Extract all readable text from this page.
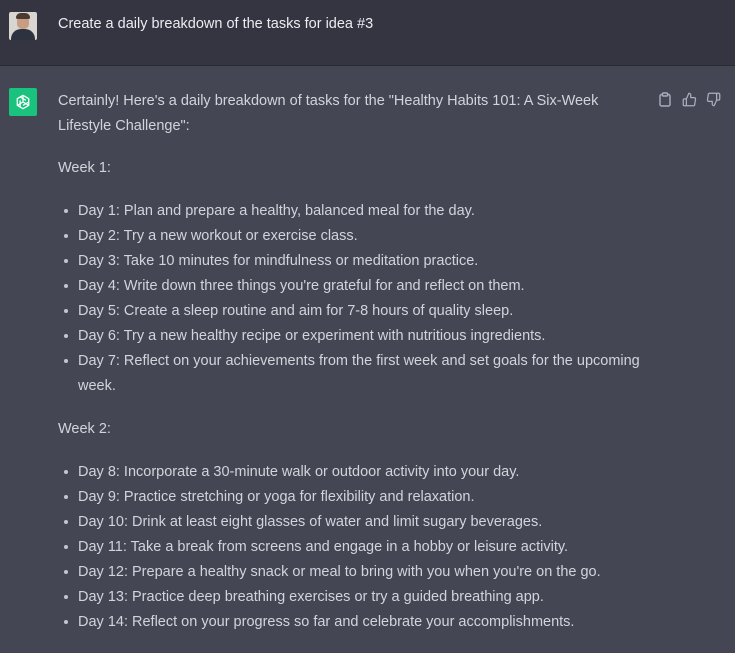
Create a daily breakdown of the tasks for idea #3

Certainly! Here's a daily breakdown of tasks for the "Healthy Habits 101: A Six-Week Lifestyle Challenge":

Week 1:

Day 1: Plan and prepare a healthy, balanced meal for the day.
Day 2: Try a new workout or exercise class.
Day 3: Take 10 minutes for mindfulness or meditation practice.
Day 4: Write down three things you're grateful for and reflect on them.
Day 5: Create a sleep routine and aim for 7-8 hours of quality sleep.
Day 6: Try a new healthy recipe or experiment with nutritious ingredients.
Day 7: Reflect on your achievements from the first week and set goals for the upcoming week.

Week 2:

Day 8: Incorporate a 30-minute walk or outdoor activity into your day.
Day 9: Practice stretching or yoga for flexibility and relaxation.
Day 10: Drink at least eight glasses of water and limit sugary beverages.
Day 11: Take a break from screens and engage in a hobby or leisure activity.
Day 12: Prepare a healthy snack or meal to bring with you when you're on the go.
Day 13: Practice deep breathing exercises or try a guided breathing app.
Day 14: Reflect on your progress so far and celebrate your accomplishments.
